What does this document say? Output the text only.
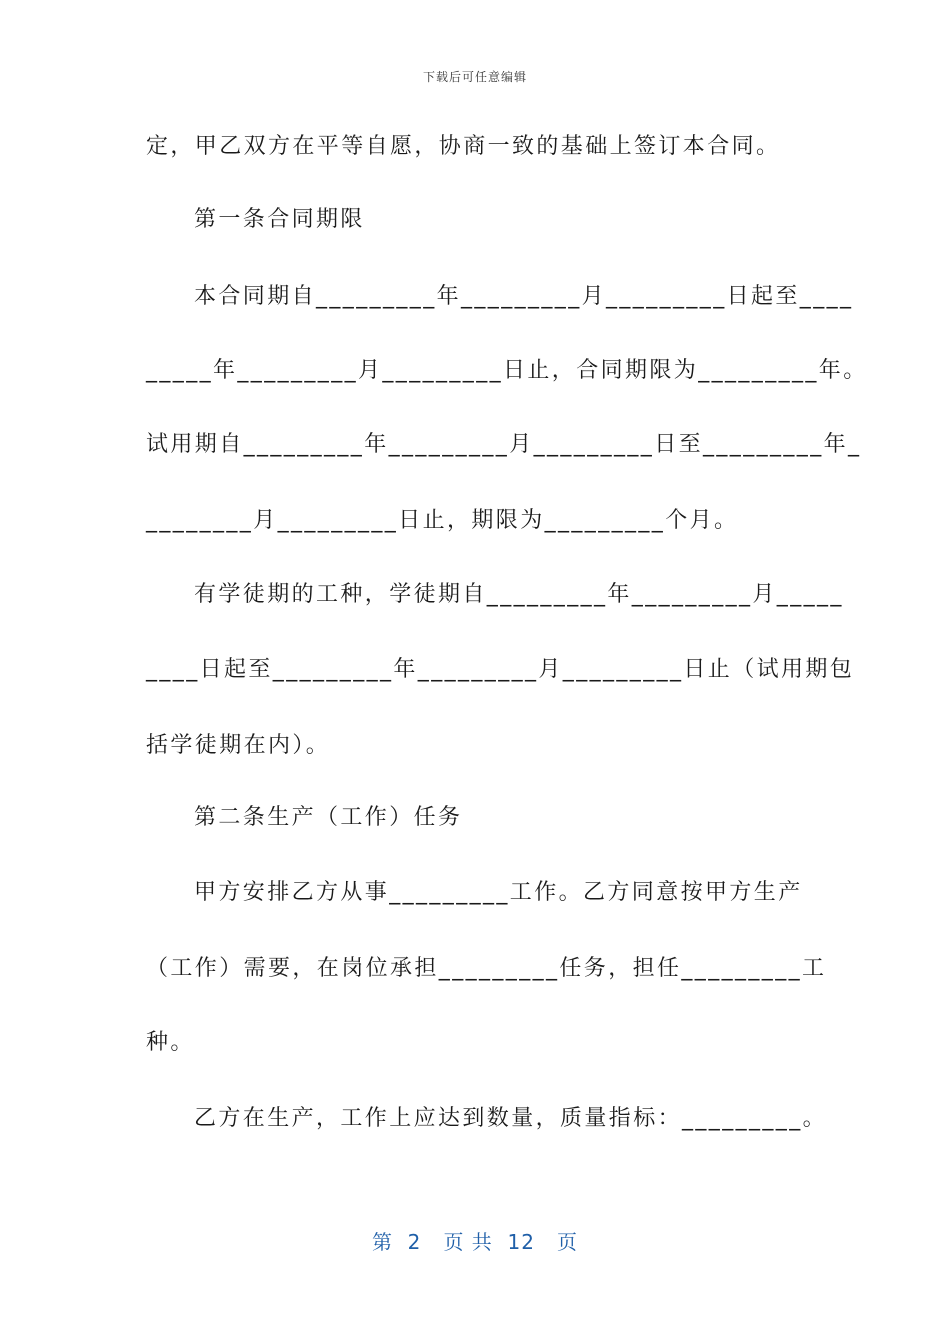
下载后可任意编辑
定，甲乙双方在平等自愿，协商一致的基础上签订本合同。
第一条合同期限
本合同期自_________年_________月_________日起至____
_____年_________月_________日止，合同期限为_________年。
试用期自_________年_________月_________日至_________年_
________月_________日止，期限为_________个月。
有学徒期的工种，学徒期自_________年_________月_____
____日起至_________年_________月_________日止（试用期包
括学徒期在内）。
第二条生产（工作）任务
甲方安排乙方从事_________工作。乙方同意按甲方生产
（工作）需要，在岗位承担_________任务，担任_________工
种。
乙方在生产，工作上应达到数量，质量指标：_________。
第  2   页 共  12   页
